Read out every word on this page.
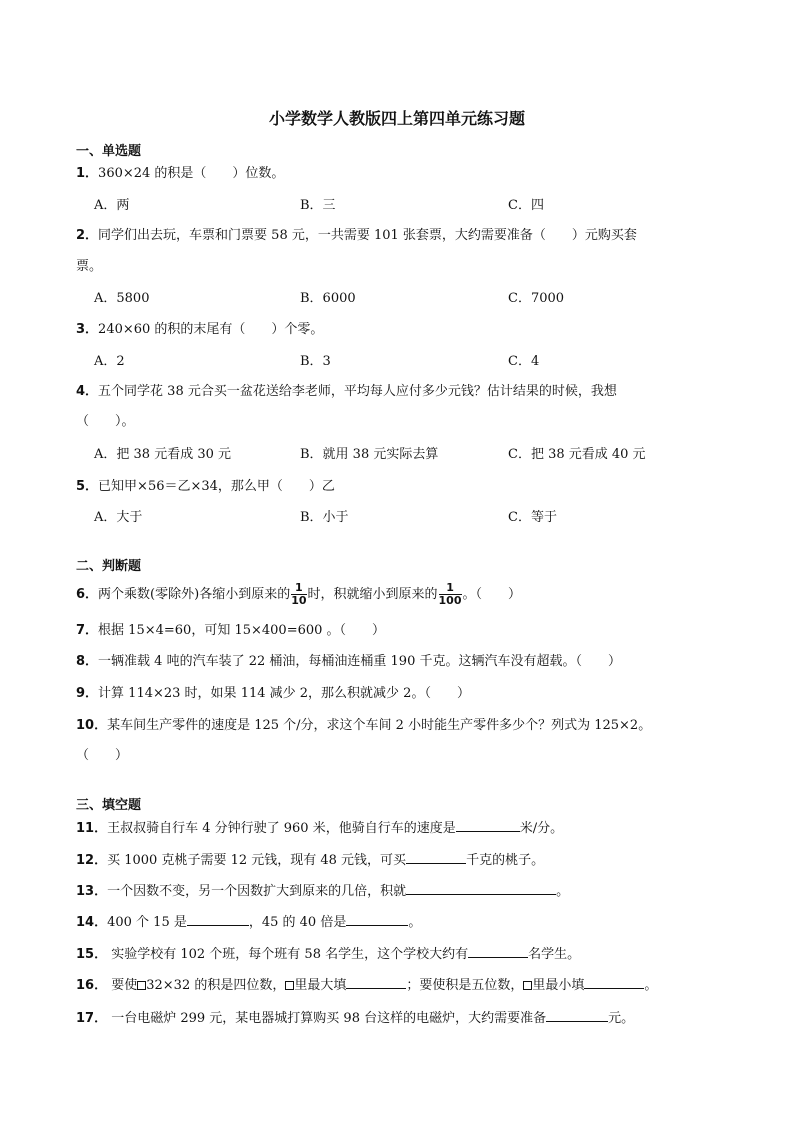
小学数学人教版四上第四单元练习题
一、单选题
1．360×24 的积是（　　）位数。
A．两	B．三	C．四
2．同学们出去玩，车票和门票要 58 元，一共需要 101 张套票，大约需要准备（　　）元购买套
票。
A．5800	B．6000	C．7000
3．240×60 的积的末尾有（　　）个零。
A．2	B．3	C．4
4．五个同学花 38 元合买一盆花送给李老师，平均每人应付多少元钱？估计结果的时候，我想
（　　）。
A．把 38 元看成 30 元	B．就用 38 元实际去算	C．把 38 元看成 40 元
5．已知甲×56＝乙×34，那么甲（　　）乙
A．大于	B．小于	C．等于
二、判断题
6．两个乘数(零除外)各缩小到原来的 $\frac{1}{10}$ 时，积就缩小到原来的 $\frac{1}{100}$ 。（　　）
7．根据 15×4=60，可知 15×400=600 。（　　）
8．一辆准载 4 吨的汽车装了 22 桶油，每桶油连桶重 190 千克。这辆汽车没有超载。（　　）
9．计算 114×23 时，如果 114 减少 2，那么积就减少 2。（　　）
10．某车间生产零件的速度是 125 个/分，求这个车间 2 小时能生产零件多少个？列式为 125×2。
（　　）
三、填空题
11．王叔叔骑自行车 4 分钟行驶了 960 米，他骑自行车的速度是	米/分。
12．买 1000 克桃子需要 12 元钱，现有 48 元钱，可买	千克的桃子。
13．一个因数不变，另一个因数扩大到原来的几倍，积就	。
14．400 个 15 是	，45 的 40 倍是	。
15． 实验学校有 102 个班，每个班有 58 名学生，这个学校大约有	名学生。
16． 要使 32×32 的积是四位数， 里最大填	；要使积是五位数， 里最小填	。
17． 一台电磁炉 299 元，某电器城打算购买 98 台这样的电磁炉，大约需要准备	元。
